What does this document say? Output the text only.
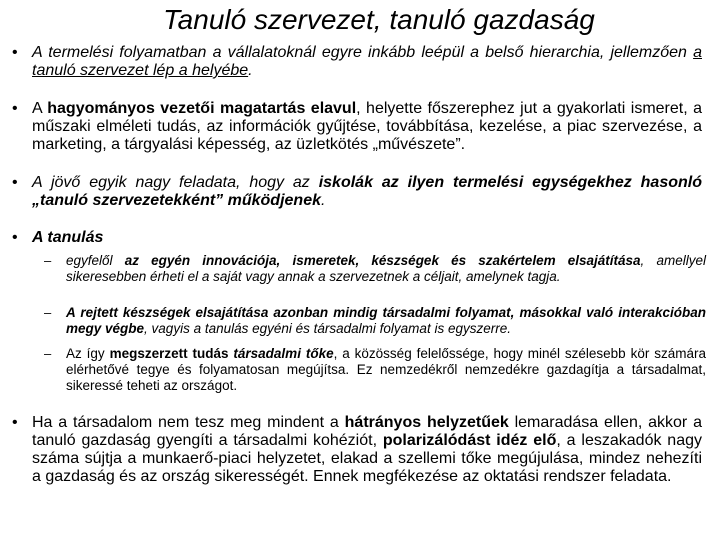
Tanuló szervezet, tanuló gazdaság
• A termelési folyamatban a vállalatoknál egyre inkább leépül a belső hierarchia, jellemzően a tanuló szervezet lép a helyébe.
• A hagyományos vezetői magatartás elavul, helyette főszerephez jut a gyakorlati ismeret, a műszaki elméleti tudás, az információk gyűjtése, továbbítása, kezelése, a piac szervezése, a marketing, a tárgyalási képesség, az üzletkötés „művészete”.
• A jövő egyik nagy feladata, hogy az iskolák az ilyen termelési egységekhez hasonló „tanuló szervezetekként” működjenek.
• A tanulás
– egyfelől az egyén innovációja, ismeretek, készségek és szakértelem elsajátítása, amellyel sikeresebben érheti el a saját vagy annak a szervezetnek a céljait, amelynek tagja.
– A rejtett készségek elsajátítása azonban mindig társadalmi folyamat, másokkal való interakcióban megy végbe, vagyis a tanulás egyéni és társadalmi folyamat is egyszerre.
– Az így megszerzett tudás társadalmi tőke, a közösség felelőssége, hogy minél szélesebb kör számára elérhetővé tegye és folyamatosan megújítsa. Ez nemzedékről nemzedékre gazdagítja a társadalmat, sikeressé teheti az országot.
• Ha a társadalom nem tesz meg mindent a hátrányos helyzetűek lemaradása ellen, akkor a tanuló gazdaság gyengíti a társadalmi kohéziót, polarizálódást idéz elő, a leszakadók nagy száma sújtja a munkaerő-piaci helyzetet, elakad a szellemi tőke megújulása, mindez nehezíti a gazdaság és az ország sikerességét. Ennek megfékezése az oktatási rendszer feladata.
